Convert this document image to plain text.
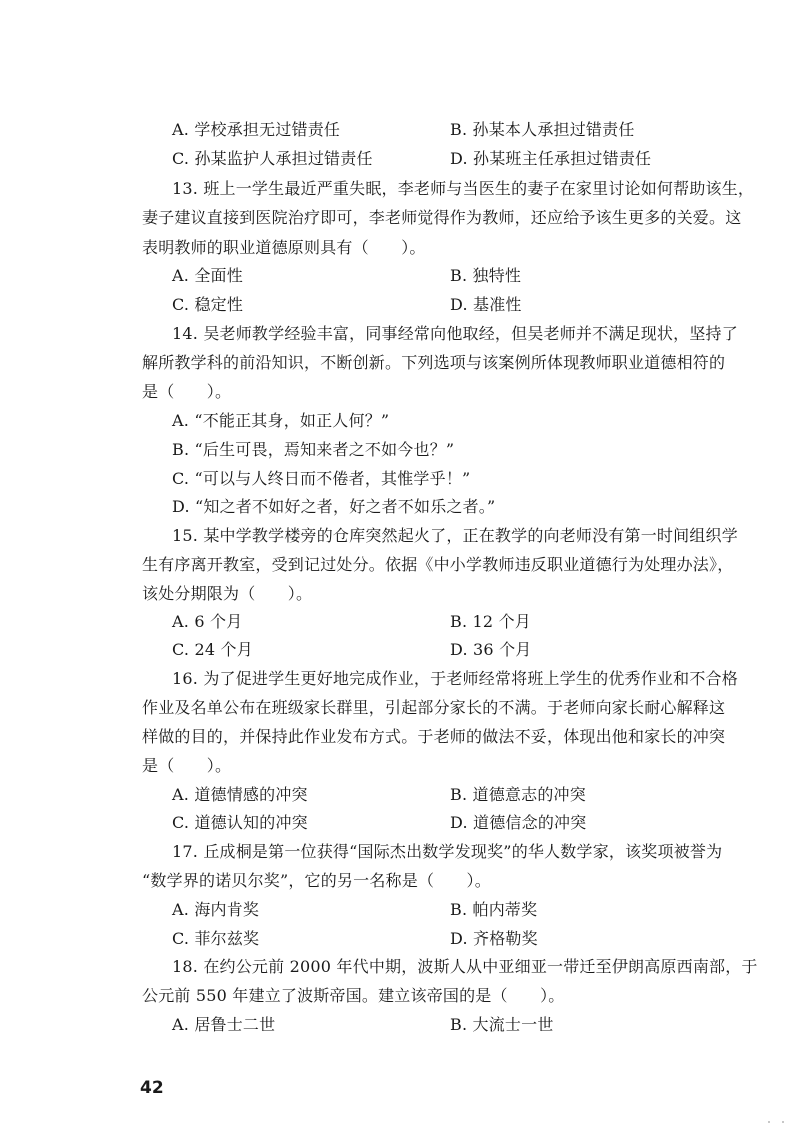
A. 学校承担无过错责任	B. 孙某本人承担过错责任
C. 孙某监护人承担过错责任	D. 孙某班主任承担过错责任
13. 班上一学生最近严重失眠，李老师与当医生的妻子在家里讨论如何帮助该生，
妻子建议直接到医院治疗即可，李老师觉得作为教师，还应给予该生更多的关爱。这
表明教师的职业道德原则具有（　　）。
A. 全面性	B. 独特性
C. 稳定性	D. 基准性
14. 吴老师教学经验丰富，同事经常向他取经，但吴老师并不满足现状，坚持了
解所教学科的前沿知识，不断创新。下列选项与该案例所体现教师职业道德相符的
是（　　）。
A. “不能正其身，如正人何？”
B. “后生可畏，焉知来者之不如今也？”
C. “可以与人终日而不倦者，其惟学乎！”
D. “知之者不如好之者，好之者不如乐之者。”
15. 某中学教学楼旁的仓库突然起火了，正在教学的向老师没有第一时间组织学
生有序离开教室，受到记过处分。依据《中小学教师违反职业道德行为处理办法》，
该处分期限为（　　）。
A. 6 个月	B. 12 个月
C. 24 个月	D. 36 个月
16. 为了促进学生更好地完成作业，于老师经常将班上学生的优秀作业和不合格
作业及名单公布在班级家长群里，引起部分家长的不满。于老师向家长耐心解释这
样做的目的，并保持此作业发布方式。于老师的做法不妥，体现出他和家长的冲突
是（　　）。
A. 道德情感的冲突	B. 道德意志的冲突
C. 道德认知的冲突	D. 道德信念的冲突
17. 丘成桐是第一位获得“国际杰出数学发现奖”的华人数学家，该奖项被誉为
“数学界的诺贝尔奖”，它的另一名称是（　　）。
A. 海内肯奖	B. 帕内蒂奖
C. 菲尔兹奖	D. 齐格勒奖
18. 在约公元前 2000 年代中期，波斯人从中亚细亚一带迁至伊朗高原西南部，于
公元前 550 年建立了波斯帝国。建立该帝国的是（　　）。
A. 居鲁士二世	B. 大流士一世
42
